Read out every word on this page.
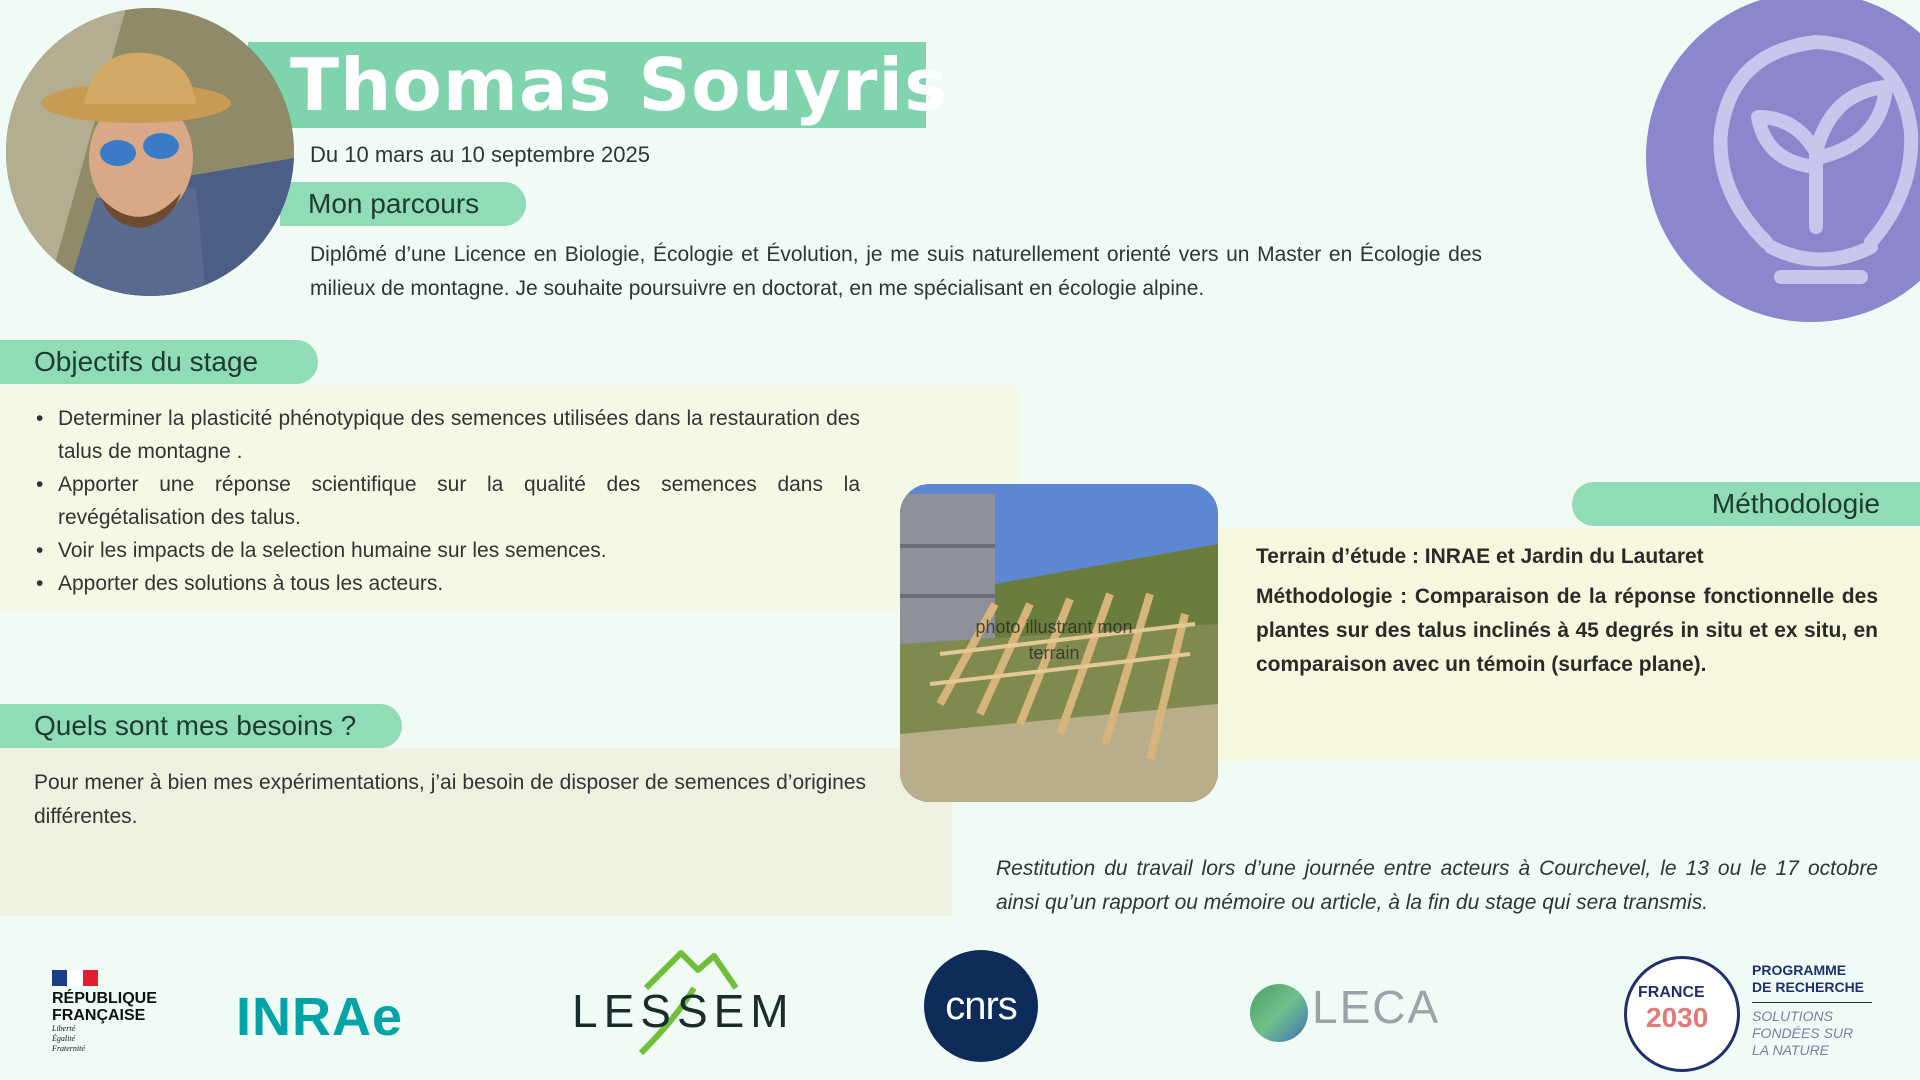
Thomas Souyris
Du 10 mars au 10 septembre 2025
Mon parcours
Diplômé d’une Licence en Biologie, Écologie et Évolution, je me suis naturellement orienté vers un Master en Écologie des milieux de montagne. Je souhaite poursuivre en doctorat, en me spécialisant en écologie alpine.
Objectifs du stage
• Determiner la plasticité phénotypique des semences utilisées dans la restauration des talus de montagne .
• Apporter une réponse scientifique sur la qualité des semences dans la revégétalisation des talus.
• Voir les impacts de la selection humaine sur les semences.
• Apporter des solutions à tous les acteurs.
Quels sont mes besoins ?
Pour mener à bien mes expérimentations, j’ai besoin de disposer de semences d’origines différentes.
Méthodologie
Terrain d’étude : INRAE et Jardin du Lautaret
Méthodologie : Comparaison de la réponse fonctionnelle des plantes sur des talus inclinés à 45 degrés in situ et ex situ, en comparaison avec un témoin (surface plane).
photo illustrant mon terrain
Restitution du travail lors d’une journée entre acteurs à Courchevel, le 13 ou le 17 octobre ainsi qu’un rapport ou mémoire ou article, à la fin du stage qui sera transmis.
RÉPUBLIQUE
FRANÇAISE
Liberté
Égalité
Fraternité
INRAe	LESSEM	cnrs	LECA	FRANCE
2030
PROGRAMME
DE RECHERCHE
SOLUTIONS
FONDÉES SUR
LA NATURE
